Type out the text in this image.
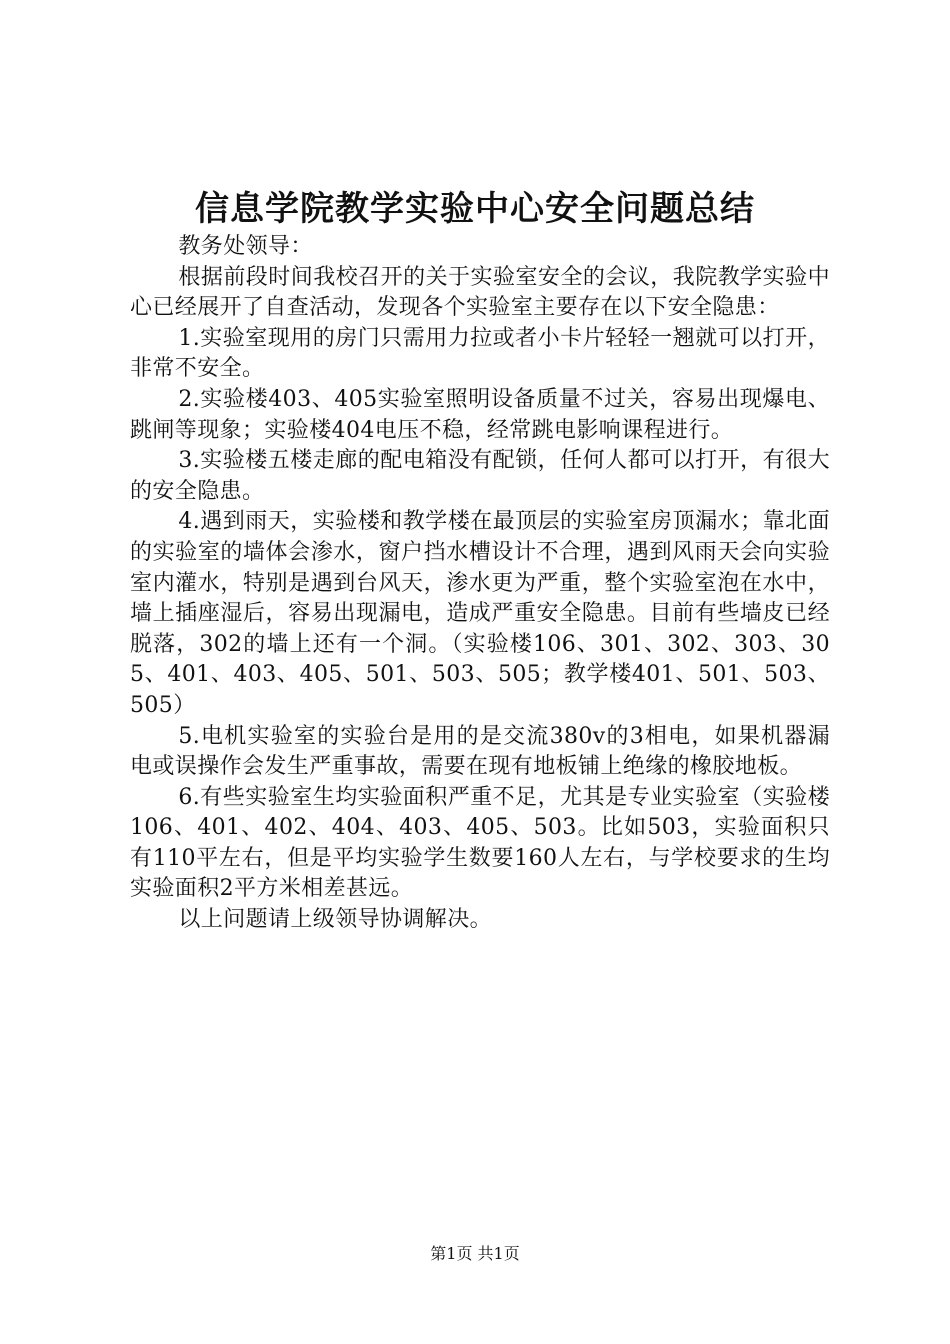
信息学院教学实验中心安全问题总结

教务处领导：

根据前段时间我校召开的关于实验室安全的会议，我院教学实验中心已经展开了自查活动，发现各个实验室主要存在以下安全隐患：

1.实验室现用的房门只需用力拉或者小卡片轻轻一翘就可以打开，非常不安全。

2.实验楼403、405实验室照明设备质量不过关，容易出现爆电、跳闸等现象；实验楼404电压不稳，经常跳电影响课程进行。

3.实验楼五楼走廊的配电箱没有配锁，任何人都可以打开，有很大的安全隐患。

4.遇到雨天，实验楼和教学楼在最顶层的实验室房顶漏水；靠北面的实验室的墙体会渗水，窗户挡水槽设计不合理，遇到风雨天会向实验室内灌水，特别是遇到台风天，渗水更为严重，整个实验室泡在水中，墙上插座湿后，容易出现漏电，造成严重安全隐患。目前有些墙皮已经脱落，302的墙上还有一个洞。（实验楼106、301、302、303、305、401、403、405、501、503、505；教学楼401、501、503、505）

5.电机实验室的实验台是用的是交流380v的3相电，如果机器漏电或误操作会发生严重事故，需要在现有地板铺上绝缘的橡胶地板。

6.有些实验室生均实验面积严重不足，尤其是专业实验室（实验楼106、401、402、404、403、405、503。比如503，实验面积只有110平左右，但是平均实验学生数要160人左右，与学校要求的生均实验面积2平方米相差甚远。

以上问题请上级领导协调解决。

第1页 共1页
